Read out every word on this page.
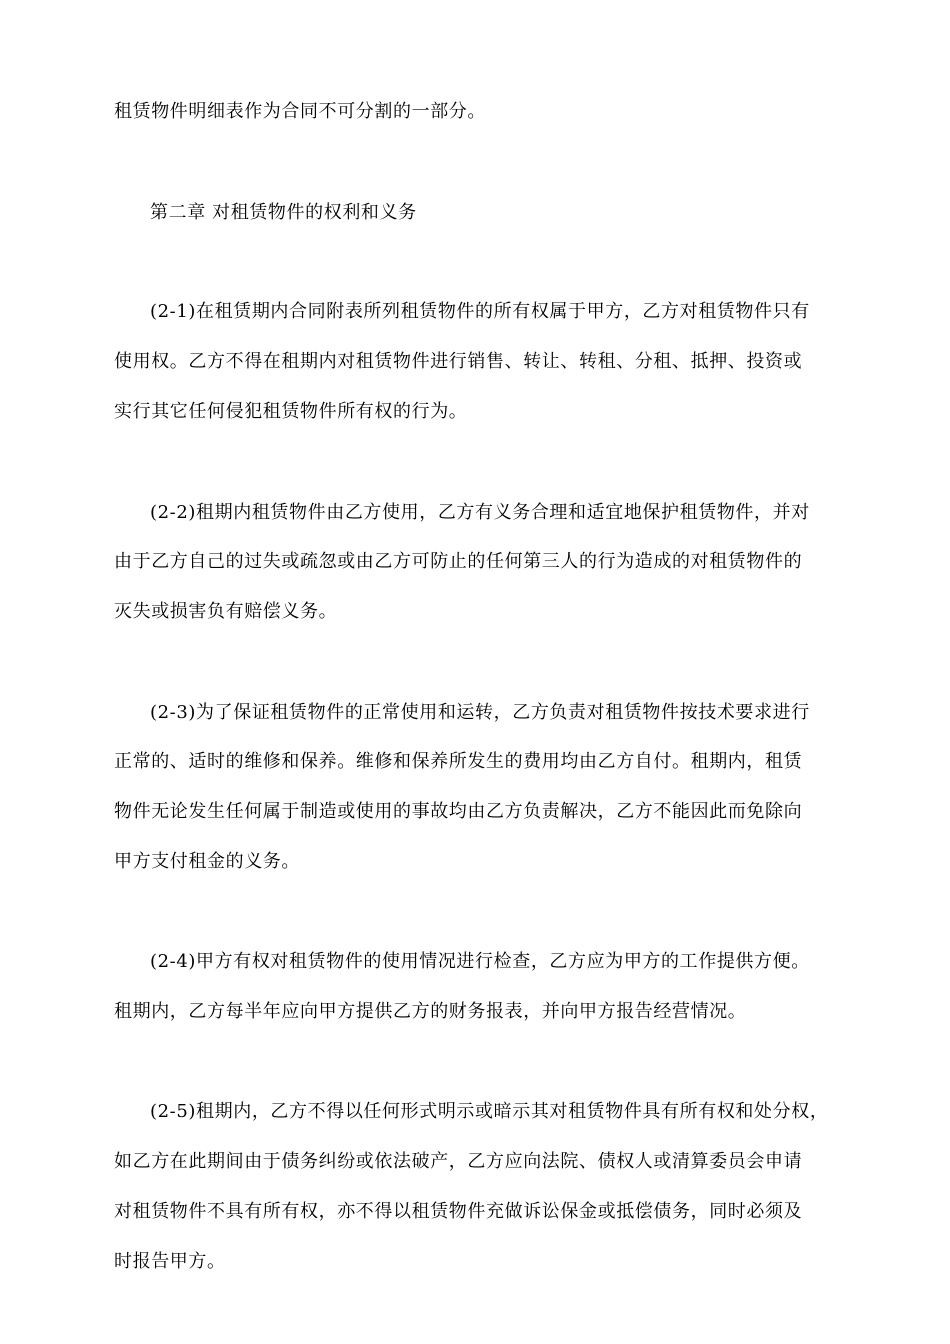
租赁物件明细表作为合同不可分割的一部分。
第二章 对租赁物件的权利和义务
(2-1)在租赁期内合同附表所列租赁物件的所有权属于甲方，乙方对租赁物件只有
使用权。乙方不得在租期内对租赁物件进行销售、转让、转租、分租、抵押、投资或
实行其它任何侵犯租赁物件所有权的行为。
(2-2)租期内租赁物件由乙方使用，乙方有义务合理和适宜地保护租赁物件，并对
由于乙方自己的过失或疏忽或由乙方可防止的任何第三人的行为造成的对租赁物件的
灭失或损害负有赔偿义务。
(2-3)为了保证租赁物件的正常使用和运转，乙方负责对租赁物件按技术要求进行
正常的、适时的维修和保养。维修和保养所发生的费用均由乙方自付。租期内，租赁
物件无论发生任何属于制造或使用的事故均由乙方负责解决，乙方不能因此而免除向
甲方支付租金的义务。
(2-4)甲方有权对租赁物件的使用情况进行检查，乙方应为甲方的工作提供方便。
租期内，乙方每半年应向甲方提供乙方的财务报表，并向甲方报告经营情况。
(2-5)租期内，乙方不得以任何形式明示或暗示其对租赁物件具有所有权和处分权，
如乙方在此期间由于债务纠纷或依法破产，乙方应向法院、债权人或清算委员会申请
对租赁物件不具有所有权，亦不得以租赁物件充做诉讼保金或抵偿债务，同时必须及
时报告甲方。
